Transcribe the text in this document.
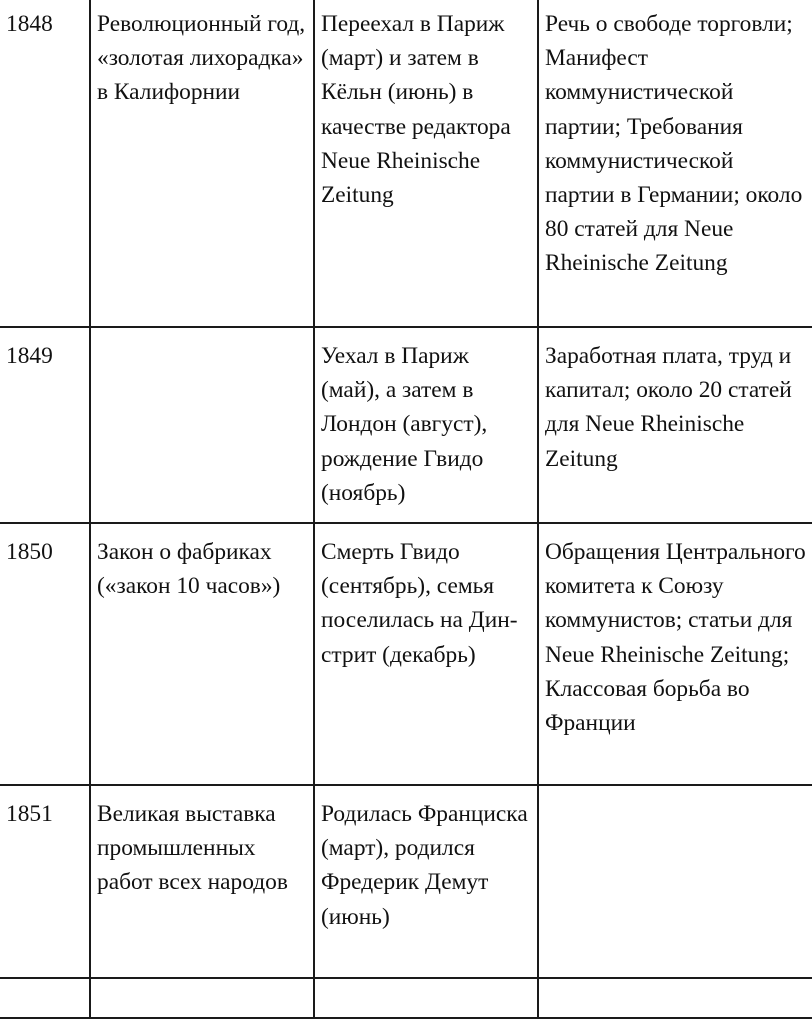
1848	Революционный год, «золотая лихорадка» в Калифорнии	Переехал в Париж (март) и затем в Кёльн (июнь) в качестве редактора Neue Rheinische Zeitung	Речь о свободе торговли; Манифест коммунистической партии; Требования коммунистической партии в Германии; около 80 статей для Neue Rheinische Zeitung
1849		Уехал в Париж (май), а затем в Лондон (август), рождение Гвидо (ноябрь)	Заработная плата, труд и капитал; около 20 статей для Neue Rheinische Zeitung
1850	Закон о фабриках («закон 10 часов»)	Смерть Гвидо (сентябрь), семья поселилась на Дин-стрит (декабрь)	Обращения Центрального комитета к Союзу коммунистов; статьи для Neue Rheinische Zeitung; Классовая борьба во Франции
1851	Великая выставка промышленных работ всех народов	Родилась Франциска (март), родился Фредерик Демут (июнь)	
